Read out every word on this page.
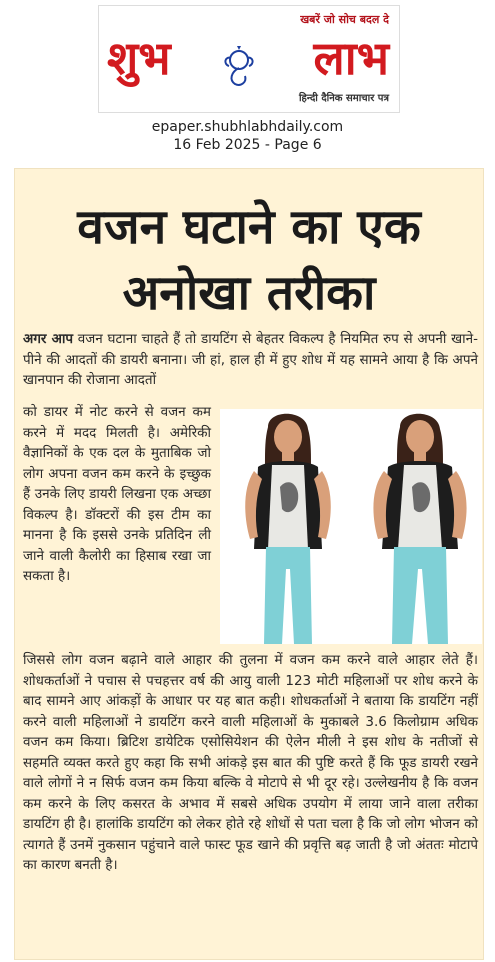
खबरें जो सोच बदल दे
शुभ	लाभ
हिन्दी दैनिक समाचार पत्र
epaper.shubhlabhdaily.com
16 Feb 2025 - Page 6
वजन घटाने का एक
अनोखा तरीका
अगर आप वजन घटाना चाहते हैं तो डायटिंग से बेहतर विकल्प है नियमित रुप से अपनी खाने- पीने की आदतों की डायरी बनाना। जी हां, हाल ही में हुए शोध में यह सामने आया है कि अपने खानपान की रोजाना आदतों
को डायर में नोट करने से वजन कम करने में मदद मिलती है। अमेरिकी वैज्ञानिकों के एक दल के मुताबिक जो लोग अपना वजन कम करने के इच्छुक हैं उनके लिए डायरी लिखना एक अच्छा विकल्प है। डॉक्टरों की इस टीम का मानना है कि इससे उनके प्रतिदिन ली जाने वाली कैलोरी का हिसाब रखा जा सकता है।
जिससे लोग वजन बढ़ाने वाले आहार की तुलना में वजन कम करने वाले आहार लेते हैं। शोधकर्ताओं ने पचास से पचहत्तर वर्ष की आयु वाली 123 मोटी महिलाओं पर शोध करने के बाद सामने आए आंकड़ों के आधार पर यह बात कही। शोधकर्ताओं ने बताया कि डायटिंग नहीं करने वाली महिलाओं ने डायटिंग करने वाली महिलाओं के मुकाबले 3.6 किलोग्राम अधिक वजन कम किया। ब्रिटिश डायेटिक एसोसियेशन की ऐलेन मीली ने इस शोध के नतीजों से सहमति व्यक्त करते हुए कहा कि सभी आंकड़े इस बात की पुष्टि करते हैं कि फूड डायरी रखने वाले लोगों ने न सिर्फ वजन कम किया बल्कि वे मोटापे से भी दूर रहे। उल्लेखनीय है कि वजन कम करने के लिए कसरत के अभाव में सबसे अधिक उपयोग में लाया जाने वाला तरीका डायटिंग ही है। हालांकि डायटिंग को लेकर होते रहे शोधों से पता चला है कि जो लोग भोजन को त्यागते हैं उनमें नुकसान पहुंचाने वाले फास्ट फूड खाने की प्रवृत्ति बढ़ जाती है जो अंततः मोटापे का कारण बनती है।
